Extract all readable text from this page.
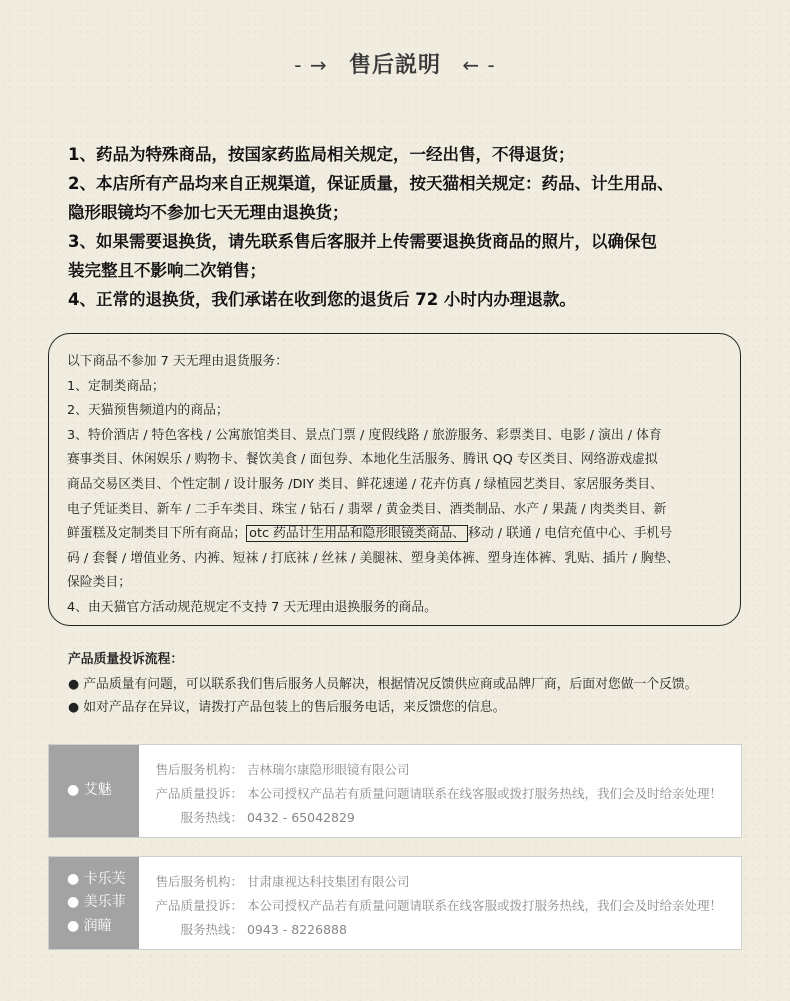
- → 售后説明 ← -

1、药品为特殊商品，按国家药监局相关规定，一经出售，不得退货；

2、本店所有产品均来自正规渠道，保证质量，按天猫相关规定：药品、计生用品、

隐形眼镜均不参加七天无理由退换货；

3、如果需要退换货，请先联系售后客服并上传需要退换货商品的照片，以确保包

装完整且不影响二次销售；

4、正常的退换货，我们承诺在收到您的退货后 72 小时内办理退款。

以下商品不参加 7 天无理由退货服务：

1、定制类商品；

2、天猫预售频道内的商品；

3、特价酒店 / 特色客栈 / 公寓旅馆类目、景点门票 / 度假线路 / 旅游服务、彩票类目、电影 / 演出 / 体育

赛事类目、休闲娱乐 / 购物卡、餐饮美食 / 面包券、本地化生活服务、腾讯 QQ 专区类目、网络游戏虚拟

商品交易区类目、个性定制 / 设计服务 /DIY 类目、鲜花速递 / 花卉仿真 / 绿植园艺类目、家居服务类目、

电子凭证类目、新车 / 二手车类目、珠宝 / 钻石 / 翡翠 / 黄金类目、酒类制品、水产 / 果蔬 / 肉类类目、新

鲜蛋糕及定制类目下所有商品； otc 药品计生用品和隐形眼镜类商品、 移动 / 联通 / 电信充值中心、手机号

码 / 套餐 / 增值业务、内裤、短袜 / 打底袜 / 丝袜 / 美腿袜、塑身美体裤、塑身连体裤、乳贴、插片 / 胸垫、

保险类目；

4、由天猫官方活动规范规定不支持 7 天无理由退换服务的商品。

产品质量投诉流程：

● 产品质量有问题，可以联系我们售后服务人员解决，根据情况反馈供应商或品牌厂商，后面对您做一个反馈。

● 如对产品存在异议，请拨打产品包装上的售后服务电话，来反馈您的信息。

● 艾魅
售后服务机构： 吉林瑞尔康隐形眼镜有限公司
产品质量投诉： 本公司授权产品若有质量问题请联系在线客服或拨打服务热线，我们会及时给亲处理！
服务热线： 0432 - 65042829
● 卡乐芙
● 美乐菲
● 润瞳
售后服务机构： 甘肃康视达科技集团有限公司
产品质量投诉： 本公司授权产品若有质量问题请联系在线客服或拨打服务热线，我们会及时给亲处理！
服务热线： 0943 - 8226888
